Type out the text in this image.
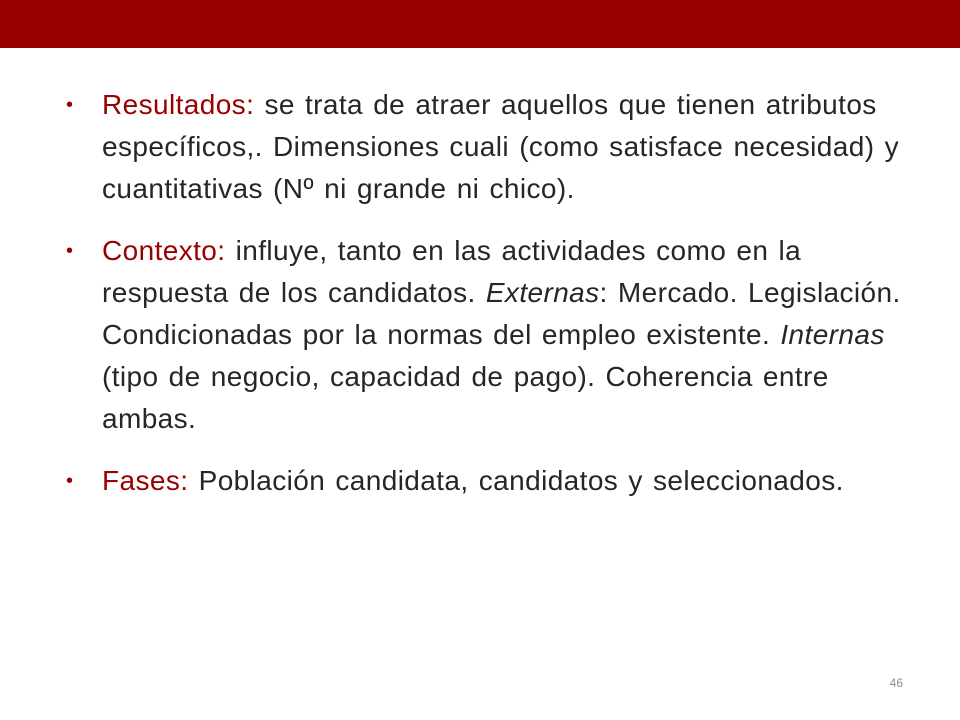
• Resultados: se trata de atraer aquellos que tienen atributos específicos,. Dimensiones cuali (como satisface necesidad) y cuantitativas (Nº ni grande ni chico).
• Contexto: influye, tanto en las actividades como en la respuesta de los candidatos. Externas: Mercado. Legislación. Condicionadas por la normas del empleo existente. Internas (tipo de negocio, capacidad de pago). Coherencia entre ambas.
• Fases: Población candidata, candidatos y seleccionados.
46
